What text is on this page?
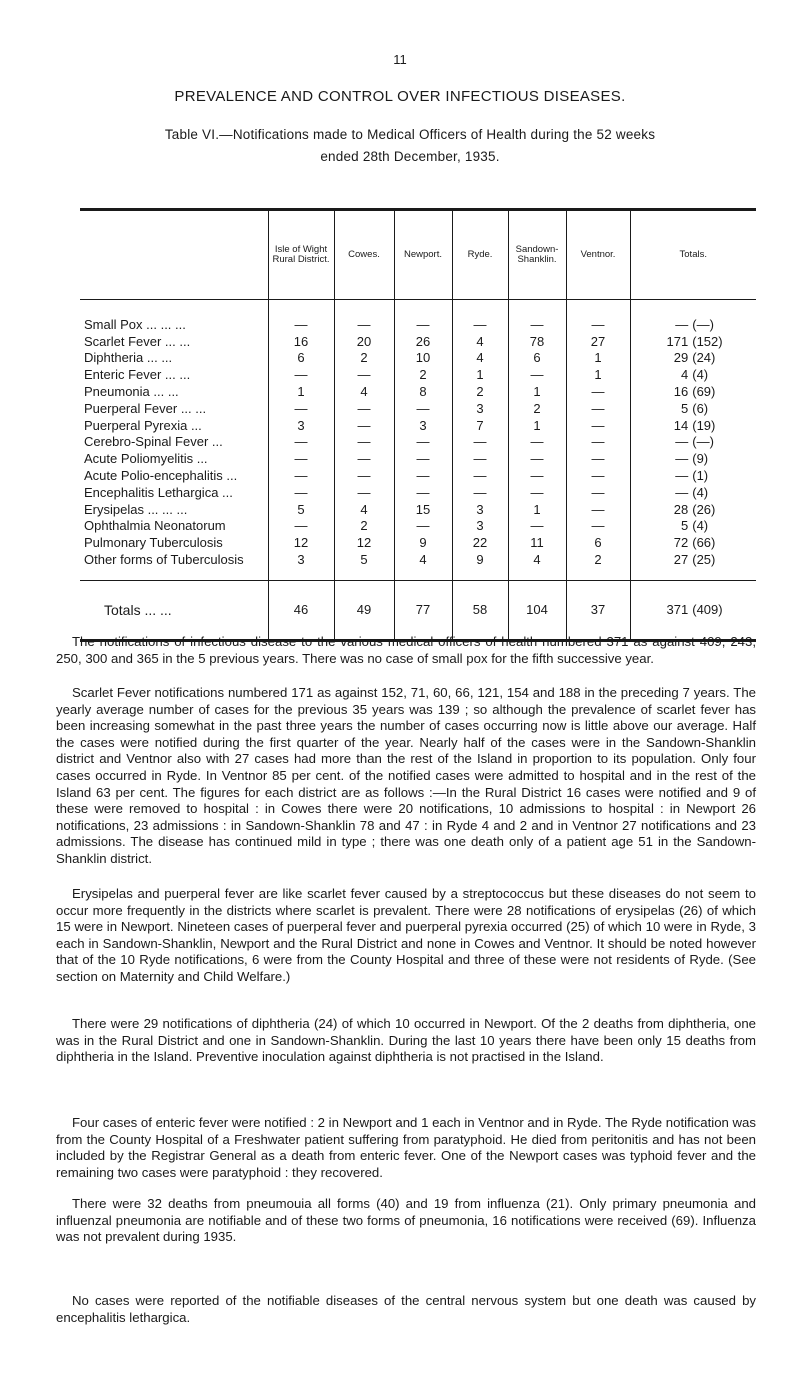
11
PREVALENCE AND CONTROL OVER INFECTIOUS DISEASES.
Table VI.—Notifications made to Medical Officers of Health during the 52 weeks
ended 28th December, 1935.
	Isle of Wight Rural District.	Cowes.	Newport.	Ryde.	Sandown-Shanklin.	Ventnor.	Totals.
Small Pox ... ... ...	—	—	—	—	—	—	— (—)
Scarlet Fever ... ...	16	20	26	4	78	27	171 (152)
Diphtheria ... ...	6	2	10	4	6	1	29 (24)
Enteric Fever ... ...	—	—	2	1	—	1	4 (4)
Pneumonia ... ...	1	4	8	2	1	—	16 (69)
Puerperal Fever ... ...	—	—	—	3	2	—	5 (6)
Puerperal Pyrexia ...	3	—	3	7	1	—	14 (19)
Cerebro-Spinal Fever ...	—	—	—	—	—	—	— (—)
Acute Poliomyelitis ...	—	—	—	—	—	—	— (9)
Acute Polio-encephalitis ...	—	—	—	—	—	—	— (1)
Encephalitis Lethargica ...	—	—	—	—	—	—	— (4)
Erysipelas ... ... ...	5	4	15	3	1	—	28 (26)
Ophthalmia Neonatorum	—	2	—	3	—	—	5 (4)
Pulmonary Tuberculosis	12	12	9	22	11	6	72 (66)
Other forms of Tuberculosis	3	5	4	9	4	2	27 (25)
Totals ... ...	46	49	77	58	104	37	371 (409)
The notifications of infectious disease to the various medical officers of health numbered 371 as against 409, 243, 250, 300 and 365 in the 5 previous years. There was no case of small pox for the fifth successive year.
Scarlet Fever notifications numbered 171 as against 152, 71, 60, 66, 121, 154 and 188 in the preceding 7 years. The yearly average number of cases for the previous 35 years was 139 ; so although the prevalence of scarlet fever has been increasing somewhat in the past three years the number of cases occurring now is little above our average. Half the cases were notified during the first quarter of the year. Nearly half of the cases were in the Sandown-Shanklin district and Ventnor also with 27 cases had more than the rest of the Island in proportion to its population. Only four cases occurred in Ryde. In Ventnor 85 per cent. of the notified cases were admitted to hospital and in the rest of the Island 63 per cent. The figures for each district are as follows :—In the Rural District 16 cases were notified and 9 of these were removed to hospital : in Cowes there were 20 notifications, 10 admissions to hospital : in Newport 26 notifications, 23 admissions : in Sandown-Shanklin 78 and 47 : in Ryde 4 and 2 and in Ventnor 27 notifications and 23 admissions. The disease has continued mild in type ; there was one death only of a patient age 51 in the Sandown-Shanklin district.
Erysipelas and puerperal fever are like scarlet fever caused by a streptococcus but these diseases do not seem to occur more frequently in the districts where scarlet is prevalent. There were 28 notifications of erysipelas (26) of which 15 were in Newport. Nineteen cases of puerperal fever and puerperal pyrexia occurred (25) of which 10 were in Ryde, 3 each in Sandown-Shanklin, Newport and the Rural District and none in Cowes and Ventnor. It should be noted however that of the 10 Ryde notifications, 6 were from the County Hospital and three of these were not residents of Ryde. (See section on Maternity and Child Welfare.)
There were 29 notifications of diphtheria (24) of which 10 occurred in Newport. Of the 2 deaths from diphtheria, one was in the Rural District and one in Sandown-Shanklin. During the last 10 years there have been only 15 deaths from diphtheria in the Island. Preventive inoculation against diphtheria is not practised in the Island.
Four cases of enteric fever were notified : 2 in Newport and 1 each in Ventnor and in Ryde. The Ryde notification was from the County Hospital of a Freshwater patient suffering from paratyphoid. He died from peritonitis and has not been included by the Registrar General as a death from enteric fever. One of the Newport cases was typhoid fever and the remaining two cases were paratyphoid : they recovered.
There were 32 deaths from pneumouia all forms (40) and 19 from influenza (21). Only primary pneumonia and influenzal pneumonia are notifiable and of these two forms of pneumonia, 16 notifications were received (69). Influenza was not prevalent during 1935.
No cases were reported of the notifiable diseases of the central nervous system but one death was caused by encephalitis lethargica.
